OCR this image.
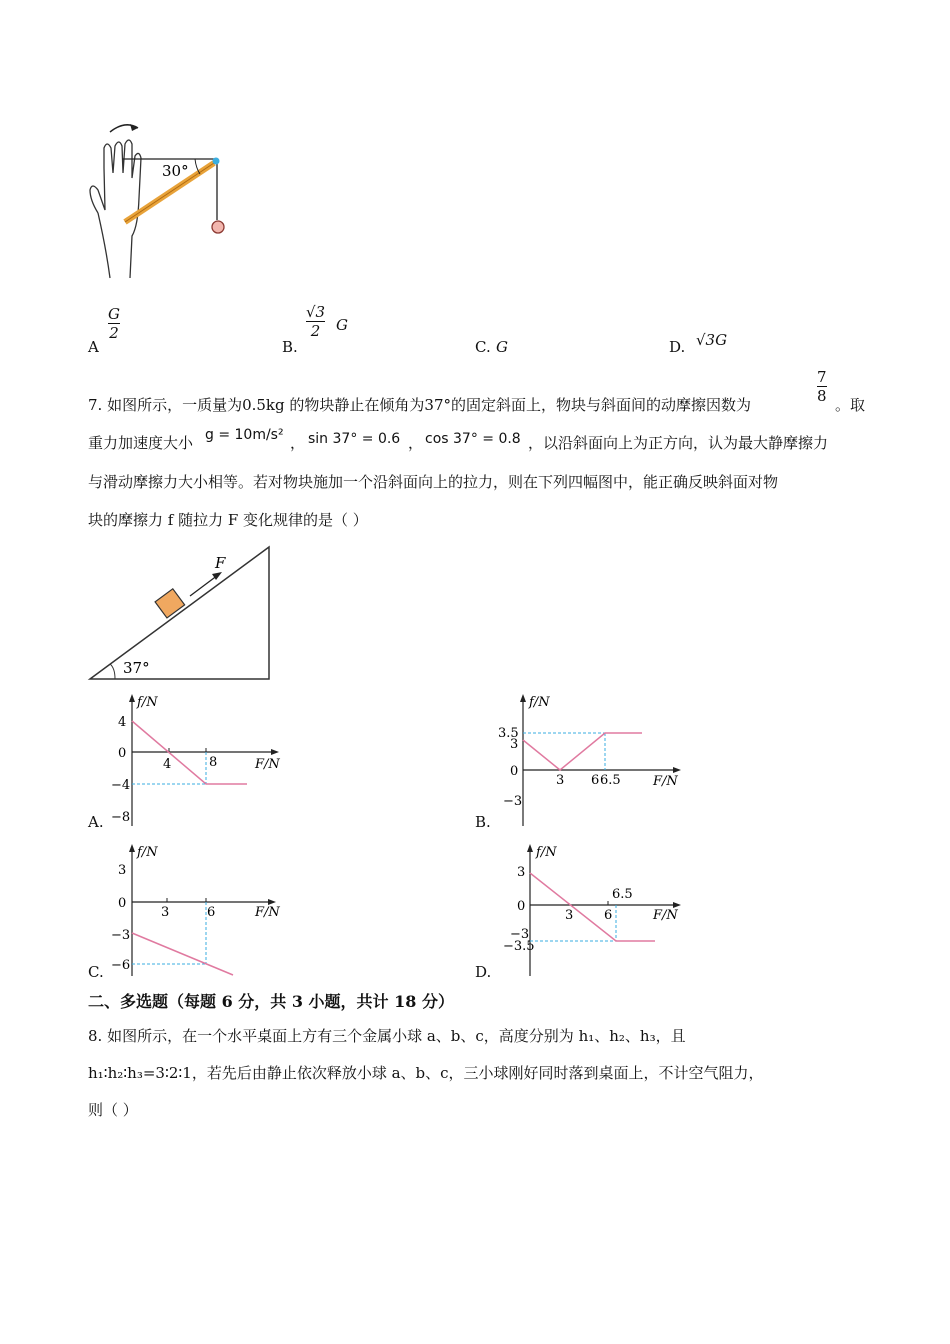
30°
A
G
2
B.
√3
2 G
C. G	D. √3G
7. 如图所示，一质量为0.5kg 的物块静止在倾角为37°的固定斜面上，物块与斜面间的动摩擦因数为
7
8 。取
重力加速度大小 g = 10m/s² ， sin 37° = 0.6 ， cos 37° = 0.8 ，以沿斜面向上为正方向，认为最大静摩擦力
与滑动摩擦力大小相等。若对物块施加一个沿斜面向上的拉力，则在下列四幅图中，能正确反映斜面对物
块的摩擦力 f 随拉力 F 变化规律的是（ ）
F
37°
A.
f/N
F/N
4
0
−4
−8
4	8
B.
f/N
F/N
3.5
3
0
−3
3 6 6.5
C.
f/N
F/N
3
0
−3
−6
3	6
D.
f/N
F/N
3
0
−3
−3.5
3 6
6.5
二、多选题（每题 6 分，共 3 小题，共计 18 分）
8. 如图所示，在一个水平桌面上方有三个金属小球 a、b、c，高度分别为 h₁、h₂、h₃，且
h₁∶h₂∶h₃=3∶2∶1，若先后由静止依次释放小球 a、b、c，三小球刚好同时落到桌面上，不计空气阻力，
则（ ）
